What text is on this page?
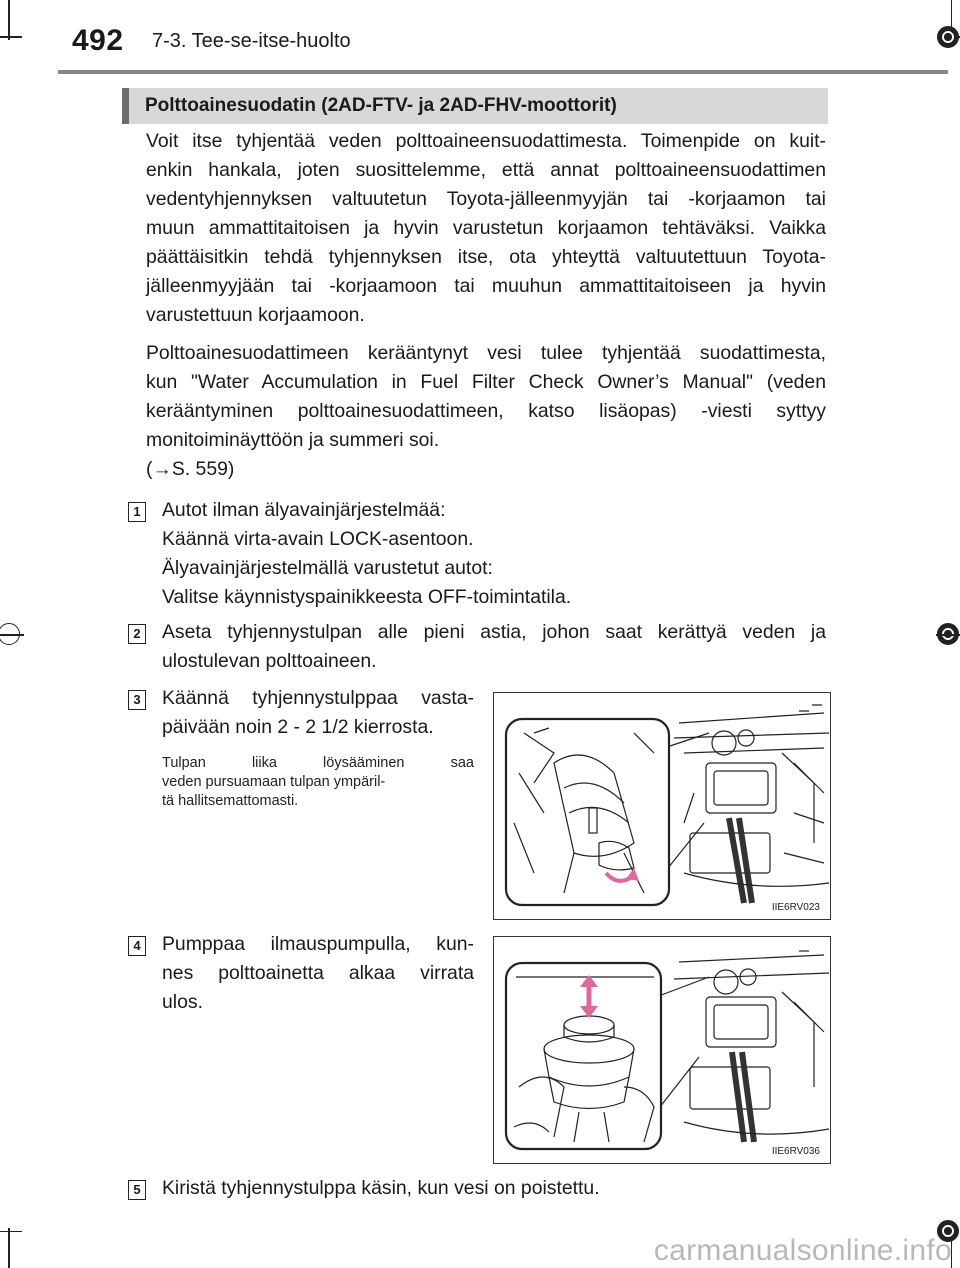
492 7-3. Tee-se-itse-huolto
Polttoainesuodatin (2AD-FTV- ja 2AD-FHV-moottorit)
Voit itse tyhjentää veden polttoaineensuodattimesta. Toimenpide on kuit-
enkin hankala, joten suosittelemme, että annat polttoaineensuodattimen
vedentyhjennyksen valtuutetun Toyota-jälleenmyyjän tai -korjaamon tai
muun ammattitaitoisen ja hyvin varustetun korjaamon tehtäväksi. Vaikka
päättäisitkin tehdä tyhjennyksen itse, ota yhteyttä valtuutettuun Toyota-
jälleenmyyjään tai -korjaamoon tai muuhun ammattitaitoiseen ja hyvin
varustettuun korjaamoon.
Polttoainesuodattimeen kerääntynyt vesi tulee tyhjentää suodattimesta,
kun "Water Accumulation in Fuel Filter Check Owner’s Manual" (veden
kerääntyminen polttoainesuodattimeen, katso lisäopas) -viesti syttyy
monitoiminäyttöön ja summeri soi.
(→S. 559)
1 Autot ilman älyavainjärjestelmää:
Käännä virta-avain LOCK-asentoon.
Älyavainjärjestelmällä varustetut autot:
Valitse käynnistyspainikkeesta OFF-toimintatila.
2 Aseta tyhjennystulpan alle pieni astia, johon saat kerättyä veden ja
ulostulevan polttoaineen.
3 Käännä tyhjennystulppaa vasta-
päivään noin 2 - 2 1/2 kierrosta.
Tulpan liika löysääminen saa
veden pursuamaan tulpan ympäril-
tä hallitsemattomasti.
IIE6RV023
4 Pumppaa ilmauspumpulla, kun-
nes polttoainetta alkaa virrata
ulos.
IIE6RV036
5 Kiristä tyhjennystulppa käsin, kun vesi on poistettu.
carmanualsonline.info
